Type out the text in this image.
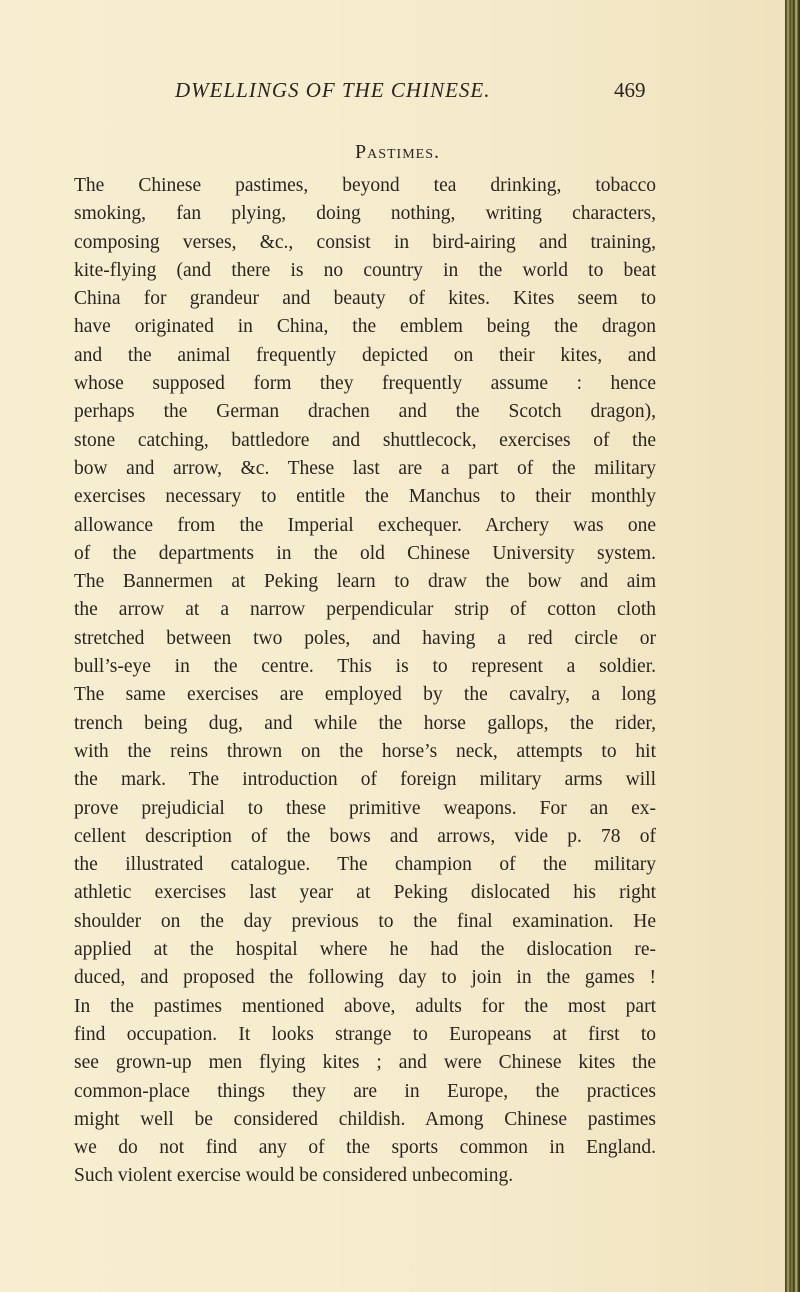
DWELLINGS OF THE CHINESE.	469
Pastimes.
The Chinese pastimes, beyond tea drinking, tobacco
smoking, fan plying, doing nothing, writing characters,
composing verses, &c., consist in bird-airing and training,
kite-flying (and there is no country in the world to beat
China for grandeur and beauty of kites. Kites seem to
have originated in China, the emblem being the dragon
and the animal frequently depicted on their kites, and
whose supposed form they frequently assume : hence
perhaps the German drachen and the Scotch dragon),
stone catching, battledore and shuttlecock, exercises of the
bow and arrow, &c. These last are a part of the military
exercises necessary to entitle the Manchus to their monthly
allowance from the Imperial exchequer. Archery was one
of the departments in the old Chinese University system.
The Bannermen at Peking learn to draw the bow and aim
the arrow at a narrow perpendicular strip of cotton cloth
stretched between two poles, and having a red circle or
bull’s-eye in the centre. This is to represent a soldier.
The same exercises are employed by the cavalry, a long
trench being dug, and while the horse gallops, the rider,
with the reins thrown on the horse’s neck, attempts to hit
the mark. The introduction of foreign military arms will
prove prejudicial to these primitive weapons. For an ex-
cellent description of the bows and arrows, vide p. 78 of
the illustrated catalogue. The champion of the military
athletic exercises last year at Peking dislocated his right
shoulder on the day previous to the final examination. He
applied at the hospital where he had the dislocation re-
duced, and proposed the following day to join in the games !
In the pastimes mentioned above, adults for the most part
find occupation. It looks strange to Europeans at first to
see grown-up men flying kites ; and were Chinese kites the
common-place things they are in Europe, the practices
might well be considered childish. Among Chinese pastimes
we do not find any of the sports common in England.
Such violent exercise would be considered unbecoming.
